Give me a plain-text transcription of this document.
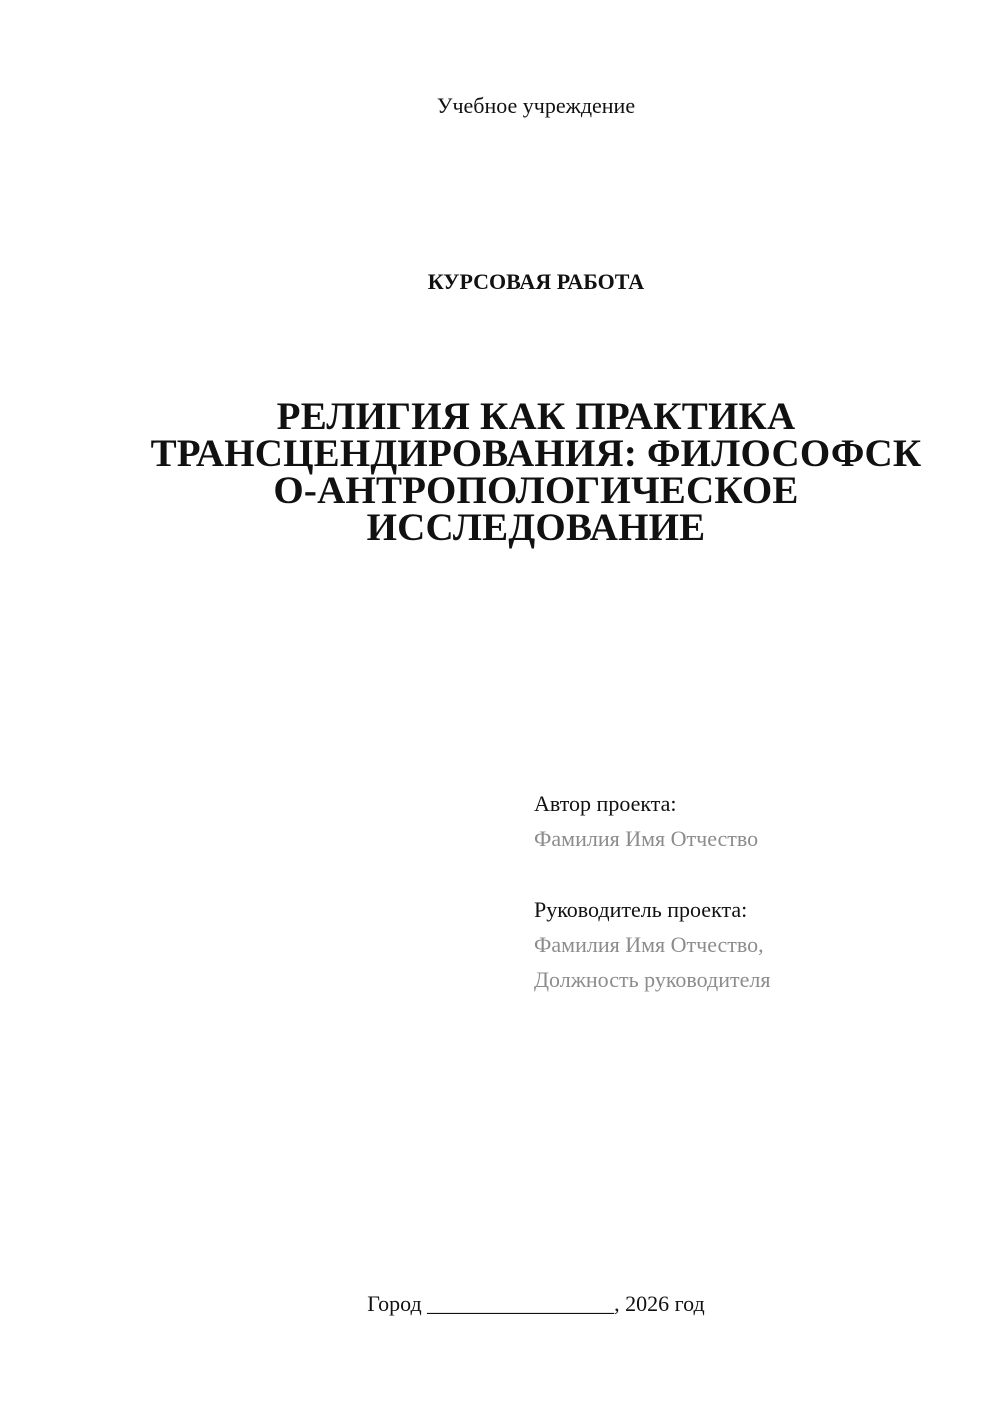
Учебное учреждение
КУРСОВАЯ РАБОТА
РЕЛИГИЯ КАК ПРАКТИКА
ТРАНСЦЕНДИРОВАНИЯ: ФИЛОСОФСК
О-АНТРОПОЛОГИЧЕСКОЕ
ИССЛЕДОВАНИЕ
Автор проекта:
Фамилия Имя Отчество
Руководитель проекта:
Фамилия Имя Отчество,
Должность руководителя
Город _________________, 2026 год
